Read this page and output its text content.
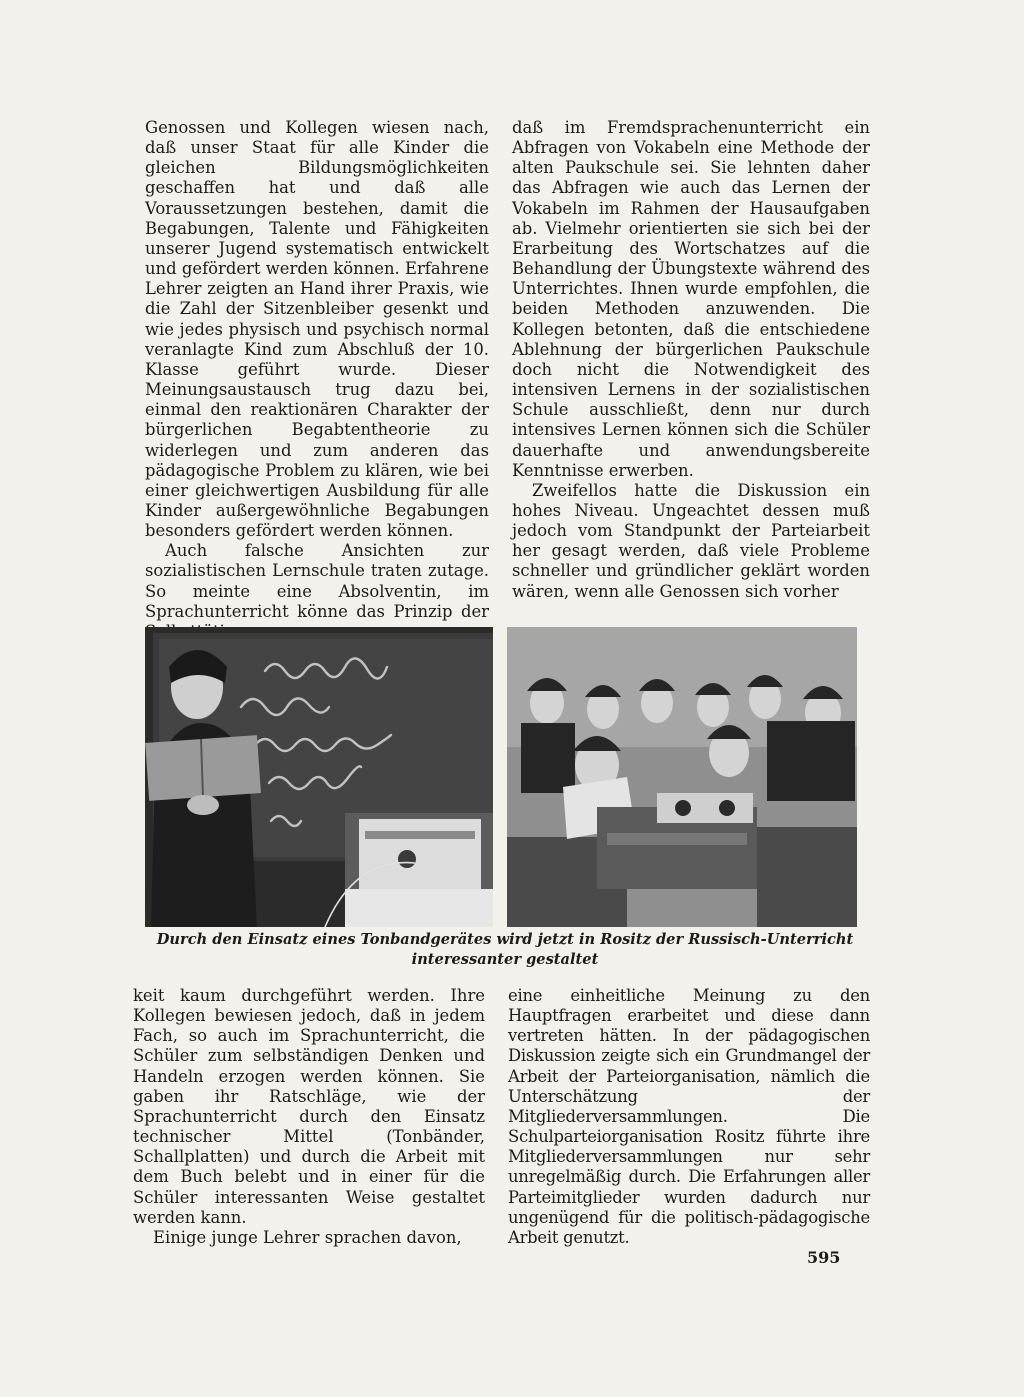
Genossen und Kollegen wiesen nach, daß unser Staat für alle Kinder die gleichen Bildungsmöglichkeiten geschaffen hat und daß alle Voraussetzungen bestehen, damit die Begabungen, Talente und Fähigkeiten unserer Jugend systematisch entwickelt und gefördert werden können. Erfahrene Lehrer zeigten an Hand ihrer Praxis, wie die Zahl der Sitzenbleiber gesenkt und wie jedes physisch und psychisch normal veranlagte Kind zum Abschluß der 10. Klasse geführt wurde. Dieser Meinungsaustausch trug dazu bei, einmal den reaktionären Charakter der bürgerlichen Begabtentheorie zu widerlegen und zum anderen das pädagogische Problem zu klären, wie bei einer gleichwertigen Ausbildung für alle Kinder außergewöhnliche Begabungen besonders gefördert werden können.

Auch falsche Ansichten zur sozialistischen Lernschule traten zutage. So meinte eine Absolventin, im Sprachunterricht könne das Prinzip der

daß im Fremdsprachenunterricht ein Abfragen von Vokabeln eine Methode der alten Paukschule sei. Sie lehnten daher das Abfragen wie auch das Lernen der Vokabeln im Rahmen der Hausaufgaben ab. Vielmehr orientierten sie sich bei der Erarbeitung des Wortschatzes auf die Behandlung der Übungstexte während des Unterrichtes. Ihnen wurde empfohlen, die beiden Methoden anzuwenden. Die Kollegen betonten, daß die entschiedene Ablehnung der bürgerlichen Paukschule doch nicht die Notwendigkeit des intensiven Lernens in der sozialistischen Schule ausschließt, denn nur durch intensives Lernen können sich die Schüler dauerhafte und anwendungsbereite Kenntnisse erwerben.

Zweifellos hatte die Diskussion ein hohes Niveau. Ungeachtet dessen muß jedoch vom Standpunkt der Parteiarbeit her gesagt werden, daß viele Probleme schneller und gründlicher geklärt worden wären, wenn alle Genossen sich vorher

Durch den Einsatz eines Tonbandgerätes wird jetzt in Rositz der Russisch-Unterricht interessanter gestaltet

keit kaum durchgeführt werden. Ihre Kollegen bewiesen jedoch, daß in jedem Fach, so auch im Sprachunterricht, die Schüler zum selbständigen Denken und Handeln erzogen werden können. Sie gaben ihr Ratschläge, wie der Sprachunterricht durch den Einsatz technischer Mittel (Tonbänder, Schallplatten) und durch die Arbeit mit dem Buch belebt und in einer für die Schüler interessanten Weise gestaltet werden kann.

Einige junge Lehrer sprachen davon,

eine einheitliche Meinung zu den Hauptfragen erarbeitet und diese dann vertreten hätten. In der pädagogischen Diskussion zeigte sich ein Grundmangel der Arbeit der Parteiorganisation, nämlich die Unterschätzung der Mitgliederversammlungen. Die Schulparteiorganisation Rositz führte ihre Mitgliederversammlungen nur sehr unregelmäßig durch. Die Erfahrungen aller Parteimitglieder wurden dadurch nur ungenügend für die politisch-pädagogische Arbeit genutzt.

595
